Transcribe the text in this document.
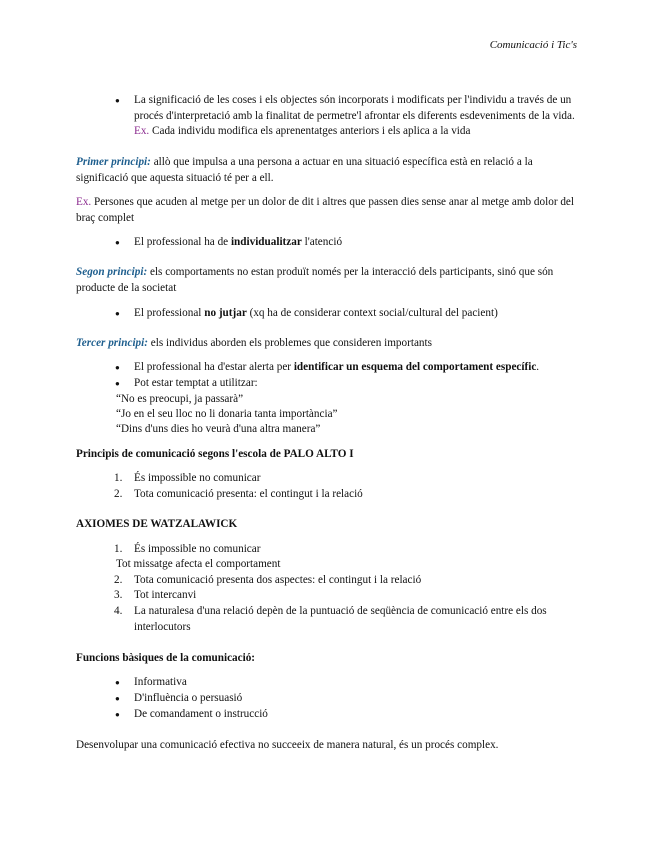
Comunicació i Tic's
● La significació de les coses i els objectes són incorporats i modificats per l'individu a través de un procés d'interpretació amb la finalitat de permetre'l afrontar els diferents esdeveniments de la vida. Ex. Cada individu modifica els aprenentatges anteriors i els aplica a la vida
Primer principi: allò que impulsa a una persona a actuar en una situació específica està en relació a la significació que aquesta situació té per a ell.
Ex. Persones que acuden al metge per un dolor de dit i altres que passen dies sense anar al metge amb dolor del braç complet
● El professional ha de individualitzar l'atenció
Segon principi: els comportaments no estan produït només per la interacció dels participants, sinó que són producte de la societat
● El professional no jutjar (xq ha de considerar context social/cultural del pacient)
Tercer principi: els individus aborden els problemes que consideren importants
● El professional ha d'estar alerta per identificar un esquema del comportament específic.
● Pot estar temptat a utilitzar:
“No es preocupi, ja passarà”
“Jo en el seu lloc no li donaria tanta importància”
“Dins d'uns dies ho veurà d'una altra manera”
Principis de comunicació segons l'escola de PALO ALTO I
1. És impossible no comunicar
2. Tota comunicació presenta: el contingut i la relació
AXIOMES DE WATZALAWICK
1. És impossible no comunicar
Tot missatge afecta el comportament
2. Tota comunicació presenta dos aspectes: el contingut i la relació
3. Tot intercanvi
4. La naturalesa d'una relació depèn de la puntuació de seqüència de comunicació entre els dos interlocutors
Funcions bàsiques de la comunicació:
● Informativa
● D'influència o persuasió
● De comandament o instrucció
Desenvolupar una comunicació efectiva no succeeix de manera natural, és un procés complex.
